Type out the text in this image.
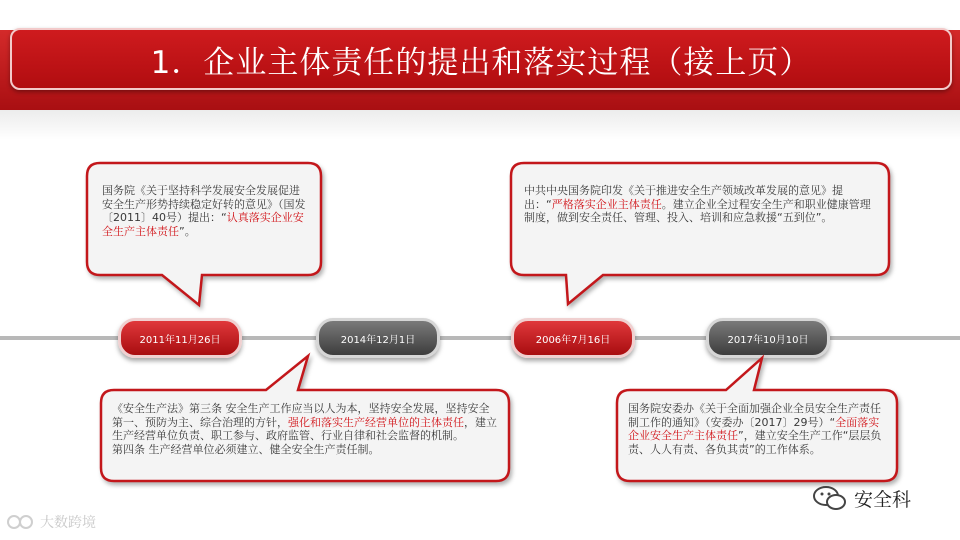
1．企业主体责任的提出和落实过程（接上页）
国务院《关于坚持科学发展安全发展促进安全生产形势持续稳定好转的意见》（国发〔2011〕40号）提出：“认真落实企业安全生产主体责任”。
中共中央国务院印发《关于推进安全生产领域改革发展的意见》提出：“严格落实企业主体责任。建立企业全过程安全生产和职业健康管理制度，做到安全责任、管理、投入、培训和应急救援“五到位”。
2011年11月26日	2014年12月1日	2006年7月16日	2017年10月10日
《安全生产法》第三条 安全生产工作应当以人为本，坚持安全发展，坚持安全第一、预防为主、综合治理的方针，强化和落实生产经营单位的主体责任，建立生产经营单位负责、职工参与、政府监管、行业自律和社会监督的机制。
第四条 生产经营单位必须建立、健全安全生产责任制。
国务院安委办《关于全面加强企业全员安全生产责任制工作的通知》（安委办〔2017〕29号）“全面落实企业安全生产主体责任”，建立安全生产工作“层层负责、人人有责、各负其责”的工作体系。
大数跨境
安全科
